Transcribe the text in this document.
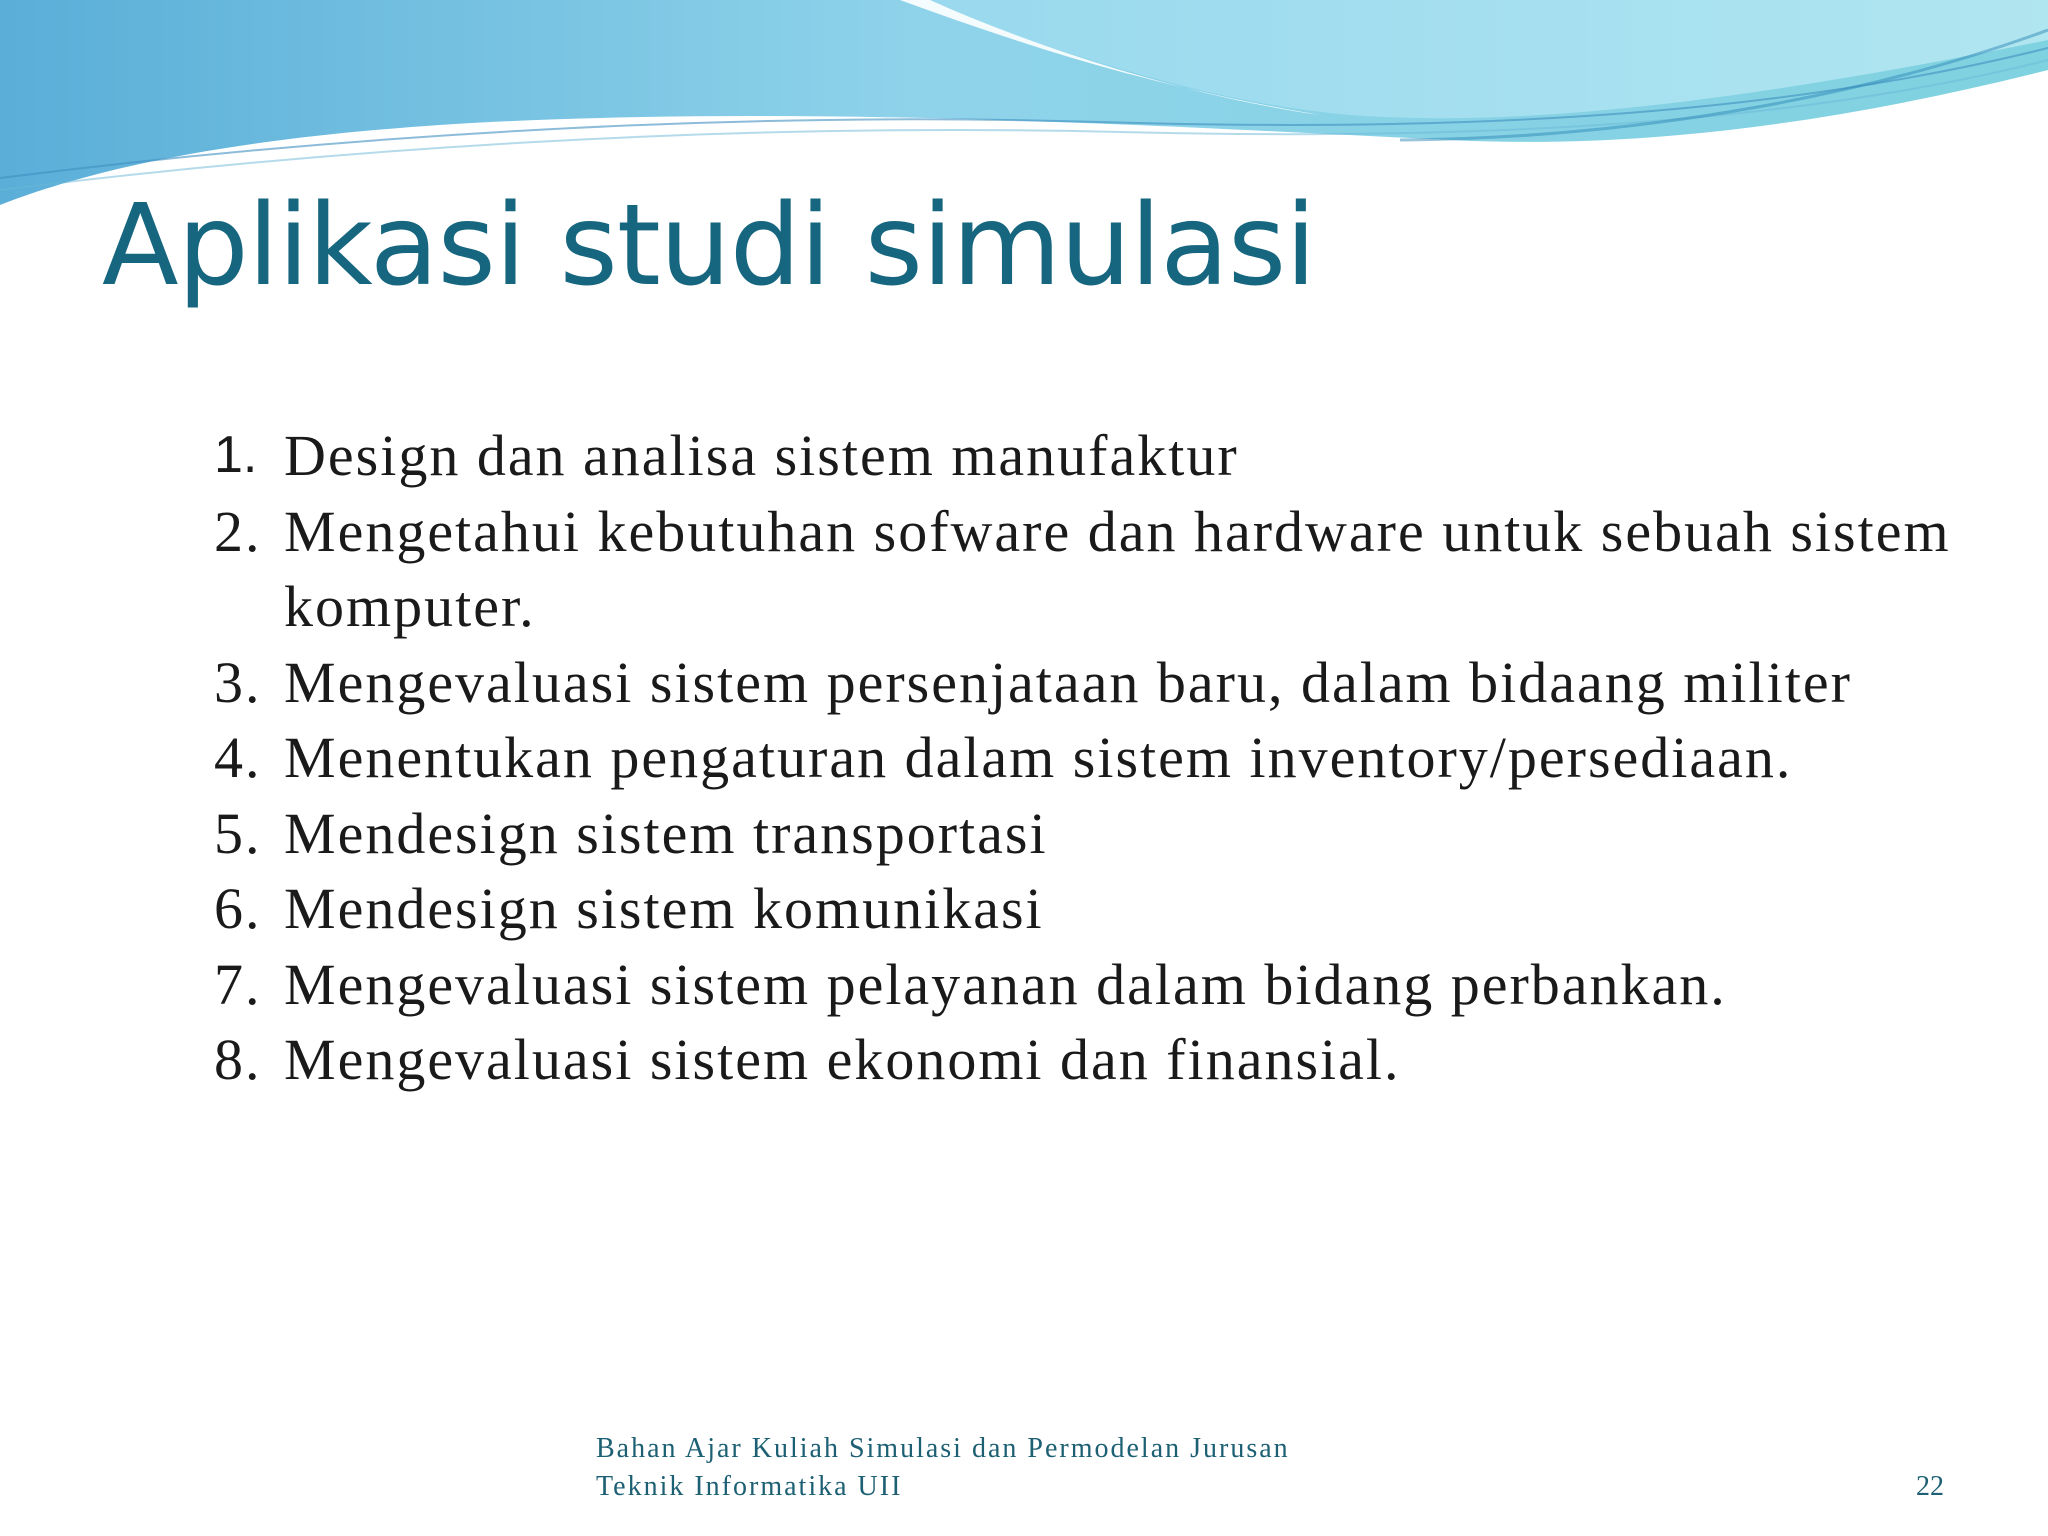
Aplikasi studi simulasi
1. Design dan analisa sistem manufaktur
2. Mengetahui kebutuhan sofware dan hardware untuk sebuah sistem komputer.
3. Mengevaluasi sistem persenjataan baru, dalam bidaang militer
4. Menentukan pengaturan dalam sistem inventory/persediaan.
5. Mendesign sistem transportasi
6. Mendesign sistem komunikasi
7. Mengevaluasi sistem pelayanan dalam bidang perbankan.
8. Mengevaluasi sistem ekonomi dan finansial.
Bahan Ajar Kuliah Simulasi dan Permodelan Jurusan
Teknik Informatika UII	22
